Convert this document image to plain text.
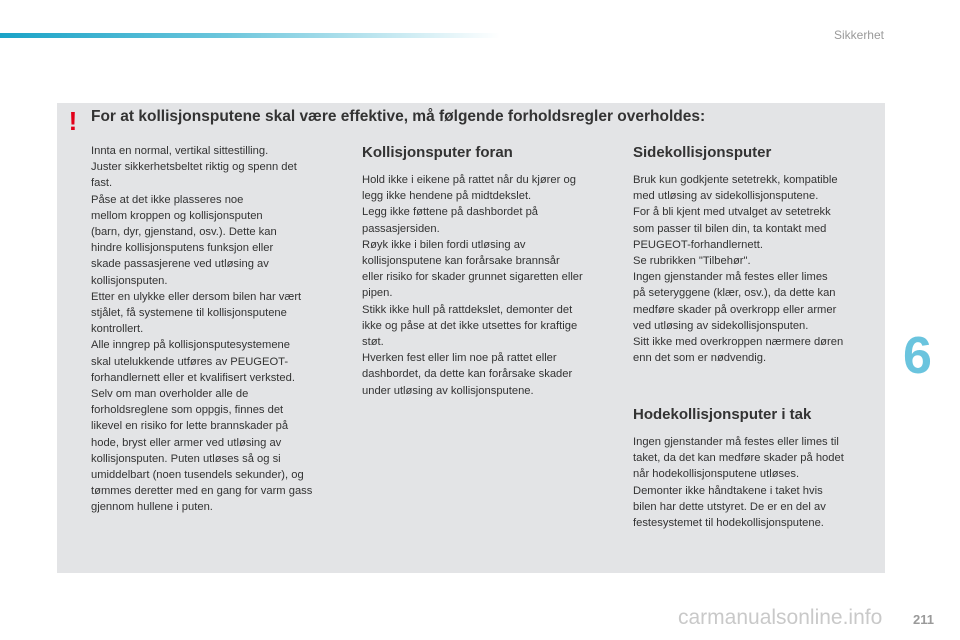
Sikkerhet
! For at kollisjonsputene skal være effektive, må følgende forholdsregler overholdes:

Innta en normal, vertikal sittestilling.

Juster sikkerhetsbeltet riktig og spenn det

fast.

Påse at det ikke plasseres noe

mellom kroppen og kollisjonsputen

(barn, dyr, gjenstand, osv.). Dette kan

hindre kollisjonsputens funksjon eller

skade passasjerene ved utløsing av

kollisjonsputen.

Etter en ulykke eller dersom bilen har vært

stjålet, få systemene til kollisjonsputene

kontrollert.

Alle inngrep på kollisjonsputesystemene

skal utelukkende utføres av PEUGEOT-

forhandlernett eller et kvalifisert verksted.

Selv om man overholder alle de

forholdsreglene som oppgis, finnes det

likevel en risiko for lette brannskader på

hode, bryst eller armer ved utløsing av

kollisjonsputen. Puten utløses så og si

umiddelbart (noen tusendels sekunder), og

tømmes deretter med en gang for varm gass

gjennom hullene i puten.

Kollisjonsputer foran

Hold ikke i eikene på rattet når du kjører og

legg ikke hendene på midtdekslet.

Legg ikke føttene på dashbordet på

passasjersiden.

Røyk ikke i bilen fordi utløsing av

kollisjonsputene kan forårsake brannsår

eller risiko for skader grunnet sigaretten eller

pipen.

Stikk ikke hull på rattdekslet, demonter det

ikke og påse at det ikke utsettes for kraftige

støt.

Hverken fest eller lim noe på rattet eller

dashbordet, da dette kan forårsake skader

under utløsing av kollisjonsputene.

Sidekollisjonsputer

Bruk kun godkjente setetrekk, kompatible

med utløsing av sidekollisjonsputene.

For å bli kjent med utvalget av setetrekk

som passer til bilen din, ta kontakt med

PEUGEOT-forhandlernett.

Se rubrikken "Tilbehør".

Ingen gjenstander må festes eller limes

på seteryggene (klær, osv.), da dette kan

medføre skader på overkropp eller armer

ved utløsing av sidekollisjonsputen.

Sitt ikke med overkroppen nærmere døren

enn det som er nødvendig.

Hodekollisjonsputer i tak

Ingen gjenstander må festes eller limes til

taket, da det kan medføre skader på hodet

når hodekollisjonsputene utløses.

Demonter ikke håndtakene i taket hvis

bilen har dette utstyret. De er en del av

festesystemet til hodekollisjonsputene.

6
211
carmanualsonline.info
